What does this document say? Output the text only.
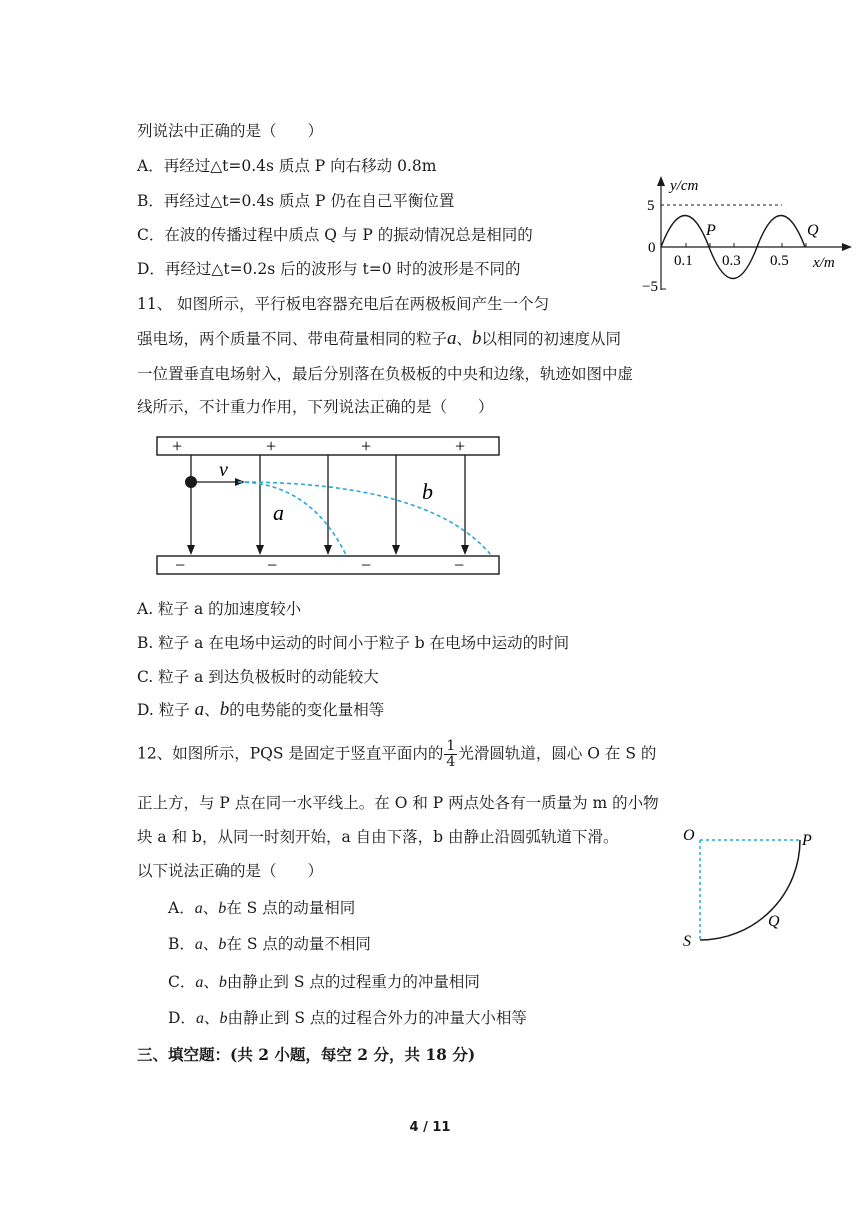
列说法中正确的是（　　）
A．再经过△t=0.4s 质点 P 向右移动 0.8m
B．再经过△t=0.4s 质点 P 仍在自己平衡位置
C．在波的传播过程中质点 Q 与 P 的振动情况总是相同的
D．再经过△t=0.2s 后的波形与 t=0 时的波形是不同的
y/cm
x/m
5
0
−5
0.1 0.3 0.5
P	Q
11、 如图所示，平行板电容器充电后在两极板间产生一个匀
强电场，两个质量不同、带电荷量相同的粒子a、b以相同的初速度从同
一位置垂直电场射入，最后分别落在负极板的中央和边缘，轨迹如图中虚
线所示，不计重力作用，下列说法正确的是（　　）
+	+	+	+
−	−	−	−
v
a
b
A. 粒子 a 的加速度较小
B. 粒子 a 在电场中运动的时间小于粒子 b 在电场中运动的时间
C. 粒子 a 到达负极板时的动能较大
D. 粒子 a、b的电势能的变化量相等
12、如图所示，PQS 是固定于竖直平面内的 $\frac{1}{4}$ 光滑圆轨道，圆心 O 在 S 的
正上方，与 P 点在同一水平线上。在 O 和 P 两点处各有一质量为 m 的小物
块 a 和 b，从同一时刻开始，a 自由下落，b 由静止沿圆弧轨道下滑。
以下说法正确的是（　　）
A．a、b在 S 点的动量相同
B．a、b在 S 点的动量不相同
C．a、b由静止到 S 点的过程重力的冲量相同
D．a、b由静止到 S 点的过程合外力的冲量大小相等
O	P
Q
S
三、填空题：(共 2 小题，每空 2 分，共 18 分)
4 / 11
